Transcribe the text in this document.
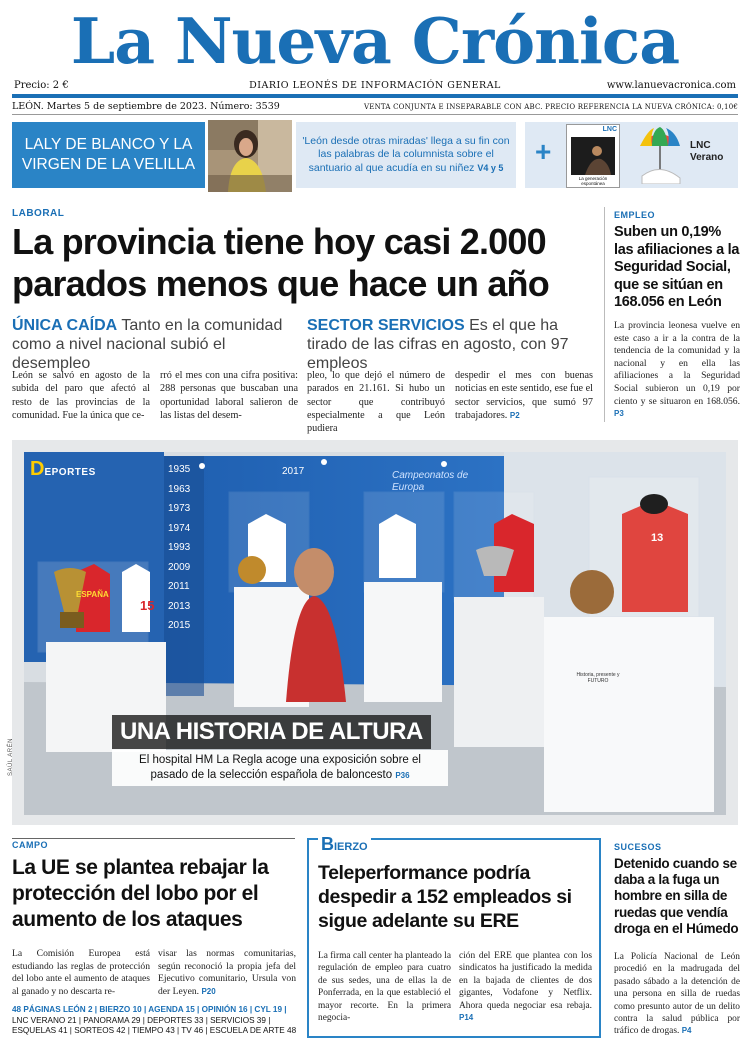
La Nueva Crónica
Precio: 2 €	DIARIO LEONÉS DE INFORMACIÓN GENERAL	www.lanuevacronica.com
LEÓN. Martes 5 de septiembre de 2023. Número: 3539	VENTA CONJUNTA E INSEPARABLE CON ABC. PRECIO REFERENCIA LA NUEVA CRÓNICA: 0,10€
LALY DE BLANCO Y LA VIRGEN DE LA VELILLA
'León desde otras miradas' llega a su fin con las palabras de la columnista sobre el santuario al que acudía en su niñez V4 y 5
+
LNC
La generación espontánea
LNC
Verano
LABORAL
La provincia tiene hoy casi 2.000 parados menos que hace un año
ÚNICA CAÍDA Tanto en la comunidad como a nivel nacional subió el desempleo
SECTOR SERVICIOS Es el que ha tirado de las cifras en agosto, con 97 empleos
León se salvó en agosto de la subida del paro que afectó al resto de las provincias de la comunidad. Fue la única que ce-
rró el mes con una cifra positiva: 288 personas que buscaban una oportunidad laboral salieron de las listas del desem-
pleo, lo que dejó el número de parados en 21.161. Si hubo un sector que contribuyó especialmente a que León pudiera
despedir el mes con buenas noticias en este sentido, ese fue el sector servicios, que sumó 97 trabajadores. P2
EMPLEO
Suben un 0,19% las afiliaciones a la Seguridad Social, que se sitúan en 168.056 en León
La provincia leonesa vuelve en este caso a ir a la contra de la tendencia de la comunidad y la nacional y en ella las afiliaciones a la Seguridad Social subieron un 0,19 por ciento y se situaron en 168.056. P3
1935
1963
1973
1974
1993
2009
2011
2013
2015
2017	Campeonatos de Europa
ESPAÑA
15
13
Historia, presente y FUTURO
DEPORTES
UNA HISTORIA DE ALTURA
El hospital HM La Regla acoge una exposición sobre el pasado de la selección española de baloncesto P36
SAÚL ARÉN
CAMPO
La UE se plantea rebajar la protección del lobo por el aumento de los ataques
La Comisión Europea está estudiando las reglas de protección del lobo ante el aumento de ataques al ganado y no descarta re-
visar las normas comunitarias, según reconoció la propia jefa del Ejecutivo comunitario, Ursula von der Leyen. P20
48 PÁGINAS LEÓN 2 | BIERZO 10 | AGENDA 15 | OPINIÓN 16 | CYL 19 |
LNC VERANO 21 | PANORAMA 29 | DEPORTES 33 | SERVICIOS 39 |
ESQUELAS 41 | SORTEOS 42 | TIEMPO 43 | TV 46 | ESCUELA DE ARTE 48
BIERZO
Teleperformance podría despedir a 152 empleados si sigue adelante su ERE
La firma call center ha planteado la regulación de empleo para cuatro de sus sedes, una de ellas la de Ponferrada, en la que estableció el mayor recorte. En la primera negocia-
ción del ERE que plantea con los sindicatos ha justificado la medida en la bajada de clientes de dos gigantes, Vodafone y Netflix. Ahora queda negociar esa rebaja. P14
SUCESOS
Detenido cuando se daba a la fuga un hombre en silla de ruedas que vendía droga en el Húmedo
La Policía Nacional de León procedió en la madrugada del pasado sábado a la detención de una persona en silla de ruedas como presunto autor de un delito contra la salud pública por tráfico de drogas. P4
